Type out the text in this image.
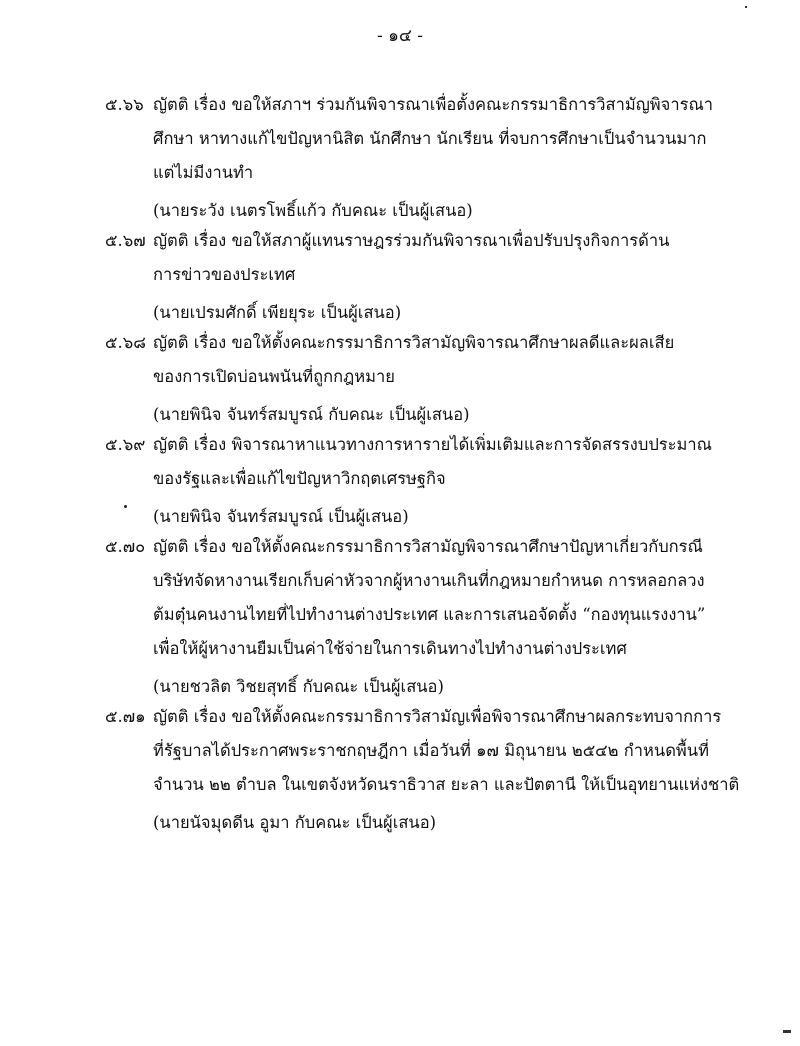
- ๑๔ -
๕.๖๖ ญัตติ เรื่อง ขอให้สภาฯ ร่วมกันพิจารณาเพื่อตั้งคณะกรรมาธิการวิสามัญพิจารณา
ศึกษา หาทางแก้ไขปัญหานิสิต นักศึกษา นักเรียน ที่จบการศึกษาเป็นจำนวนมาก
แต่ไม่มีงานทำ
(นายระวัง เนตรโพธิ์แก้ว กับคณะ เป็นผู้เสนอ)
๕.๖๗ ญัตติ เรื่อง ขอให้สภาผู้แทนราษฎรร่วมกันพิจารณาเพื่อปรับปรุงกิจการด้าน
การข่าวของประเทศ
(นายเปรมศักดิ์ เพียยุระ เป็นผู้เสนอ)
๕.๖๘ ญัตติ เรื่อง ขอให้ตั้งคณะกรรมาธิการวิสามัญพิจารณาศึกษาผลดีและผลเสีย
ของการเปิดบ่อนพนันที่ถูกกฎหมาย
(นายพินิจ จันทร์สมบูรณ์ กับคณะ เป็นผู้เสนอ)
๕.๖๙ ญัตติ เรื่อง พิจารณาหาแนวทางการหารายได้เพิ่มเติมและการจัดสรรงบประมาณ
ของรัฐและเพื่อแก้ไขปัญหาวิกฤตเศรษฐกิจ
(นายพินิจ จันทร์สมบูรณ์ เป็นผู้เสนอ)
๕.๗๐ ญัตติ เรื่อง ขอให้ตั้งคณะกรรมาธิการวิสามัญพิจารณาศึกษาปัญหาเกี่ยวกับกรณี
บริษัทจัดหางานเรียกเก็บค่าหัวจากผู้หางานเกินที่กฎหมายกำหนด การหลอกลวง
ต้มตุ๋นคนงานไทยที่ไปทำงานต่างประเทศ และการเสนอจัดตั้ง “กองทุนแรงงาน”
เพื่อให้ผู้หางานยืมเป็นค่าใช้จ่ายในการเดินทางไปทำงานต่างประเทศ
(นายชวลิต วิชยสุทธิ์ กับคณะ เป็นผู้เสนอ)
๕.๗๑ ญัตติ เรื่อง ขอให้ตั้งคณะกรรมาธิการวิสามัญเพื่อพิจารณาศึกษาผลกระทบจากการ
ที่รัฐบาลได้ประกาศพระราชกฤษฎีกา เมื่อวันที่ ๑๗ มิถุนายน ๒๕๔๒ กำหนดพื้นที่
จำนวน ๒๒ ตำบล ในเขตจังหวัดนราธิวาส ยะลา และปัตตานี ให้เป็นอุทยานแห่งชาติ
(นายนัจมุดดีน อูมา กับคณะ เป็นผู้เสนอ)
